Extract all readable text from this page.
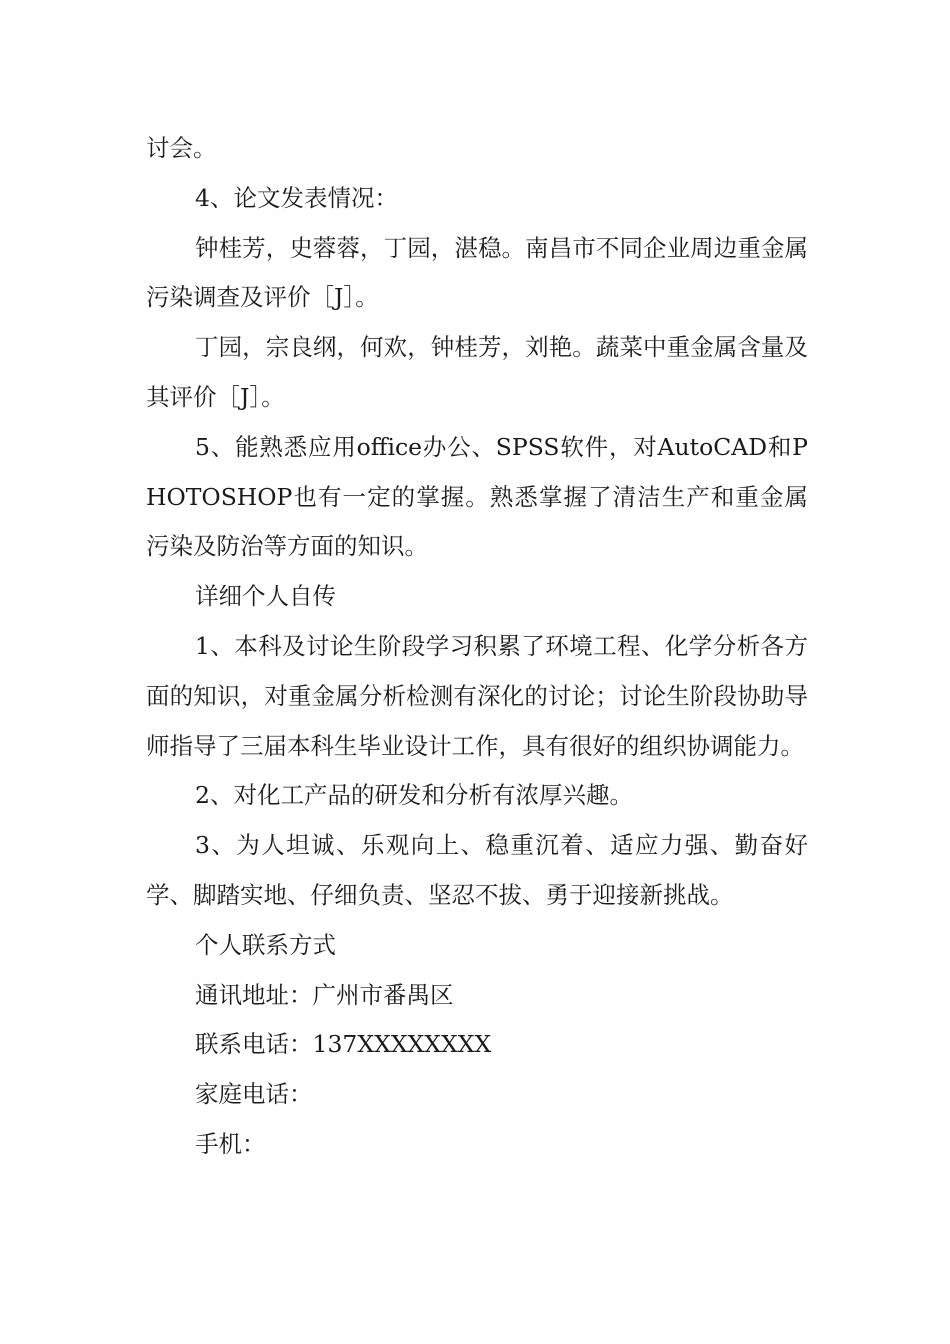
讨会。

4、论文发表情况：

钟桂芳，史蓉蓉，丁园，湛稳。南昌市不同企业周边重金属污染调查及评价［J］。

丁园，宗良纲，何欢，钟桂芳，刘艳。蔬菜中重金属含量及其评价［J］。

5、能熟悉应用office办公、SPSS软件，对AutoCAD和PHOTOSHOP也有一定的掌握。熟悉掌握了清洁生产和重金属污染及防治等方面的知识。

详细个人自传

1、本科及讨论生阶段学习积累了环境工程、化学分析各方面的知识，对重金属分析检测有深化的讨论；讨论生阶段协助导师指导了三届本科生毕业设计工作，具有很好的组织协调能力。

2、对化工产品的研发和分析有浓厚兴趣。

3、为人坦诚、乐观向上、稳重沉着、适应力强、勤奋好学、脚踏实地、仔细负责、坚忍不拔、勇于迎接新挑战。

个人联系方式

通讯地址：广州市番禺区

联系电话：137XXXXXXXX

家庭电话：

手机：
